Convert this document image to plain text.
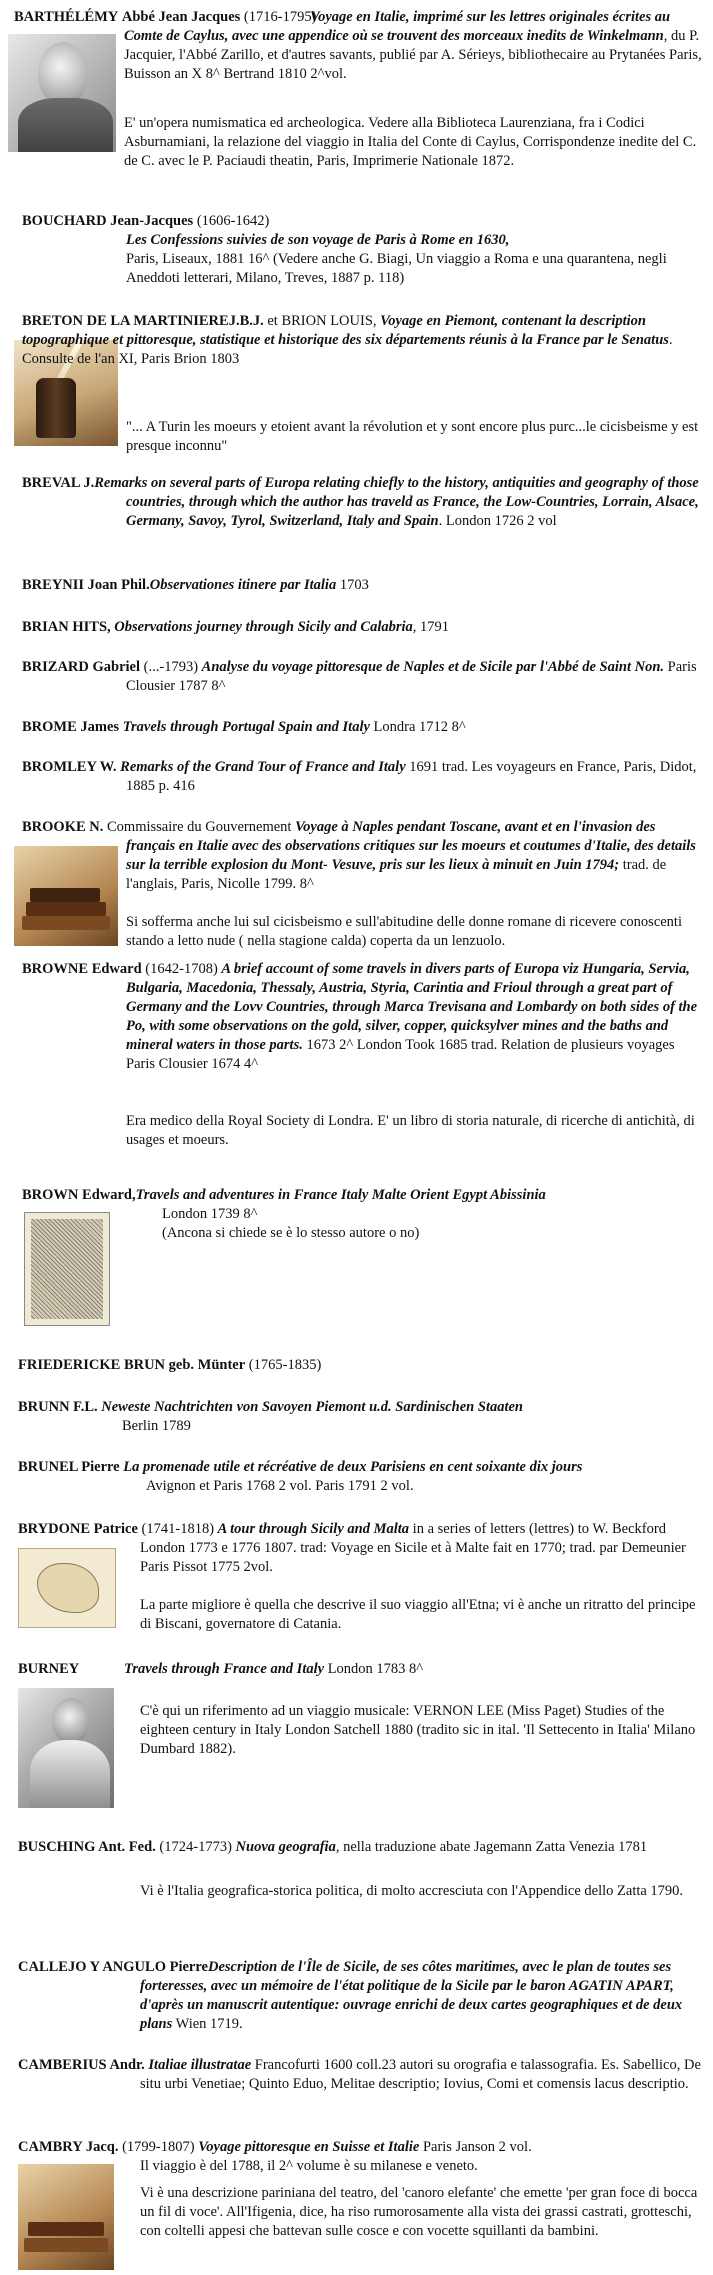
BARTHÉLÉMY Abbé Jean Jacques (1716-1795)
Voyage en Italie, imprimé sur les lettres originales écrites au Comte de Caylus, avec une appendice où se trouvent des morceaux inedits de Winkelmann, du P. Jacquier, l'Abbé Zarillo, et d'autres savants, publié par A. Sérieys, bibliothecaire au Prytanées Paris, Buisson an X 8^ Bertrand 1810 2^vol.
E' un'opera numismatica ed archeologica. Vedere alla Biblioteca Laurenziana, fra i Codici Asburnamiani, la relazione del viaggio in Italia del Conte di Caylus, Corrispondenze inedite del C. de C. avec le P. Paciaudi theatin, Paris, Imprimerie Nationale 1872.
BOUCHARD Jean-Jacques (1606-1642)
Les Confessions suivies de son voyage de Paris à Rome en 1630,
Paris, Liseaux, 1881 16^ (Vedere anche G. Biagi, Un viaggio a Roma e una quarantena, negli Aneddoti letterari, Milano, Treves, 1887 p. 118)
BRETON DE LA MARTINIEREJ.B.J. et BRION LOUIS, Voyage en Piemont, contenant la description topographique et pittoresque, statistique et historique des six départements réunis à la France par le Senatus. Consulte de l'an XI, Paris Brion 1803
"... A Turin les moeurs y etoient avant la révolution et y sont encore plus purc...le cicisbeisme y est presque inconnu"
BREVAL J.Remarks on several parts of Europa relating chiefly to the history, antiquities and geography of those countries, through which the author has traveld as France, the Low-Countries, Lorrain, Alsace, Germany, Savoy, Tyrol, Switzerland, Italy and Spain. London 1726 2 vol
BREYNII Joan Phil.Observationes itinere par Italia 1703
BRIAN HITS, Observations journey through Sicily and Calabria, 1791
BRIZARD Gabriel (...-1793) Analyse du voyage pittoresque de Naples et de Sicile par l'Abbé de Saint Non. Paris Clousier 1787 8^
BROME James Travels through Portugal Spain and Italy Londra 1712 8^
BROMLEY W. Remarks of the Grand Tour of France and Italy 1691 trad. Les voyageurs en France, Paris, Didot, 1885 p. 416
BROOKE N. Commissaire du Gouvernement Voyage à Naples pendant Toscane, avant et en l'invasion des français en Italie avec des observations critiques sur les moeurs et coutumes d'Italie, des details sur la terrible explosion du Mont- Vesuve, pris sur les lieux à minuit en Juin 1794; trad. de l'anglais, Paris, Nicolle 1799. 8^
Si sofferma anche lui sul cicisbeismo e sull'abitudine delle donne romane di ricevere conoscenti stando a letto nude ( nella stagione calda) coperta da un lenzuolo.
BROWNE Edward (1642-1708) A brief account of some travels in divers parts of Europa viz Hungaria, Servia, Bulgaria, Macedonia, Thessaly, Austria, Styria, Carintia and Frioul through a great part of Germany and the Lovv Countries, through Marca Trevisana and Lombardy on both sides of the Po, with some observations on the gold, silver, copper, quicksylver mines and the baths and mineral waters in those parts. 1673 2^ London Took 1685 trad. Relation de plusieurs voyages Paris Clousier 1674 4^
Era medico della Royal Society di Londra. E' un libro di storia naturale, di ricerche di antichità, di usages et moeurs.
BROWN Edward,Travels and adventures in France Italy Malte Orient Egypt Abissinia
London 1739 8^
(Ancona si chiede se è lo stesso autore o no)
FRIEDERICKE BRUN geb. Münter (1765-1835)
BRUNN F.L. Neweste Nachtrichten von Savoyen Piemont u.d. Sardinischen Staaten
Berlin 1789
BRUNEL Pierre La promenade utile et récréative de deux Parisiens en cent soixante dix jours
Avignon et Paris 1768 2 vol. Paris 1791 2 vol.
BRYDONE Patrice (1741-1818) A tour through Sicily and Malta in a series of letters (lettres) to W. Beckford London 1773 e 1776 1807. trad: Voyage en Sicile et à Malte fait en 1770; trad. par Demeunier Paris Pissot 1775 2vol.
La parte migliore è quella che descrive il suo viaggio all'Etna; vi è anche un ritratto del principe di Biscani, governatore di Catania.
BURNEY	Travels through France and Italy London 1783 8^
C'è qui un riferimento ad un viaggio musicale: VERNON LEE (Miss Paget) Studies of the eighteen century in Italy London Satchell 1880 (tradito sic in ital. 'Il Settecento in Italia' Milano Dumbard 1882).
BUSCHING Ant. Fed. (1724-1773) Nuova geografia, nella traduzione abate Jagemann Zatta Venezia 1781
Vi è l'Italia geografica-storica politica, di molto accresciuta con l'Appendice dello Zatta 1790.
CALLEJO Y ANGULO PierreDescription de l'Île de Sicile, de ses côtes maritimes, avec le plan de toutes ses forteresses, avec un mémoire de l'état politique de la Sicile par le baron AGATIN APART, d'après un manuscrit autentique: ouvrage enrichi de deux cartes geographiques et de deux plans Wien 1719.
CAMBERIUS Andr. Italiae illustratae Francofurti 1600 coll.23 autori su orografia e talassografia. Es. Sabellico, De situ urbi Venetiae; Quinto Eduo, Melitae descriptio; Iovius, Comi et comensis lacus descriptio.
CAMBRY Jacq. (1799-1807) Voyage pittoresque en Suisse et Italie Paris Janson 2 vol.
Il viaggio è del 1788, il 2^ volume è su milanese e veneto.
Vi è una descrizione pariniana del teatro, del 'canoro elefante' che emette 'per gran foce di bocca un fil di voce'. All'Ifigenia, dice, ha riso rumorosamente alla vista dei grassi castrati, grotteschi, con coltelli appesi che battevan sulle cosce e con vocette squillanti da bambini.
